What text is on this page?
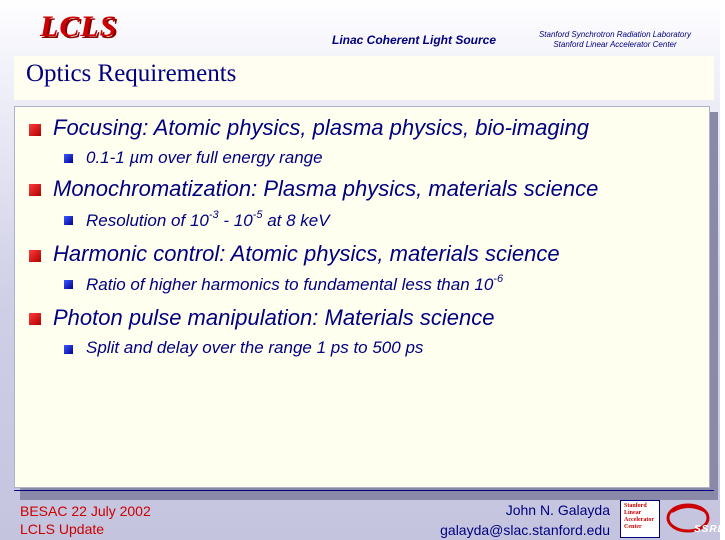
LCLS	Linac Coherent Light Source	Stanford Synchrotron Radiation Laboratory
Stanford Linear Accelerator Center
Optics Requirements
Focusing: Atomic physics, plasma physics, bio-imaging
0.1-1 µm over full energy range
Monochromatization: Plasma physics, materials science
Resolution of $10^{-3} - 10^{-5}$ at 8 keV
Harmonic control: Atomic physics, materials science
Ratio of higher harmonics to fundamental less than $10^{-6}$
Photon pulse manipulation: Materials science
Split and delay over the range 1 ps to 500 ps
BESAC 22 July 2002
LCLS Update
John N. Galayda
galayda@slac.stanford.edu
Stanford
Linear
Accelerator
Center	SSRL
